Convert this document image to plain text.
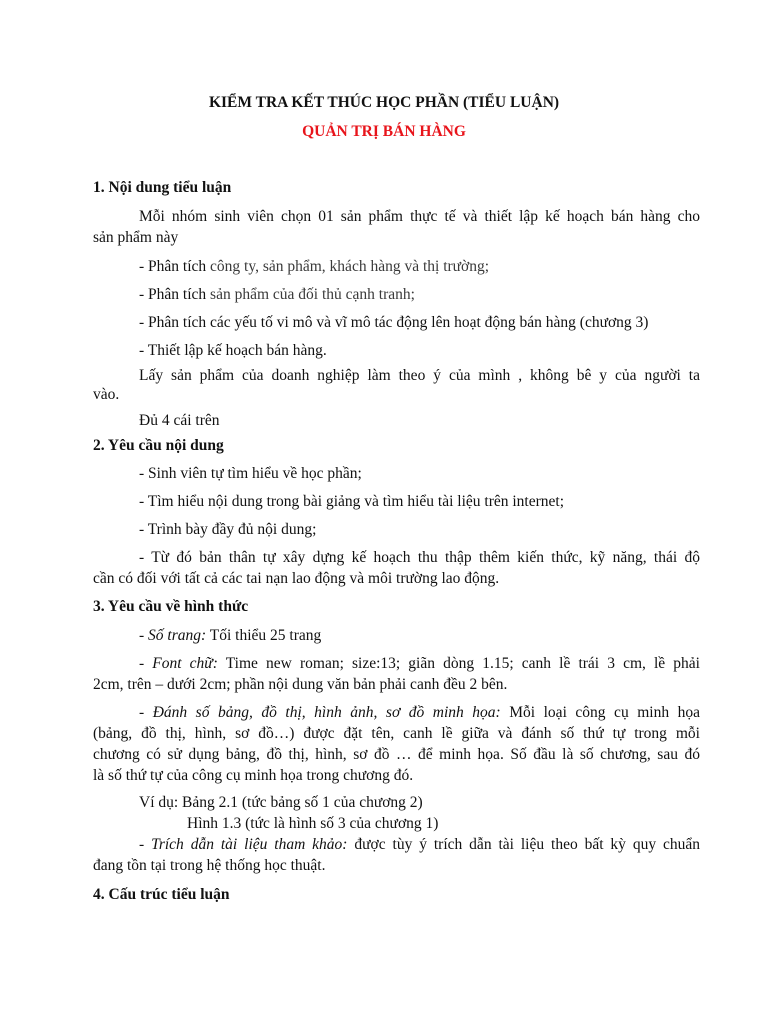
KIỂM TRA KẾT THÚC HỌC PHẦN (TIỂU LUẬN)
QUẢN TRỊ BÁN HÀNG
1. Nội dung tiểu luận
Mỗi nhóm sinh viên chọn 01 sản phẩm thực tế và thiết lập kế hoạch bán hàng cho
sản phẩm này
- Phân tích công ty, sản phẩm, khách hàng và thị trường;
- Phân tích sản phẩm của đối thủ cạnh tranh;
- Phân tích các yếu tố vi mô và vĩ mô tác động lên hoạt động bán hàng (chương 3)
- Thiết lập kế hoạch bán hàng.
Lấy sản phẩm của doanh nghiệp làm theo ý của mình , không bê y của người ta
vào.
Đủ 4 cái trên
2. Yêu cầu nội dung
- Sinh viên tự tìm hiểu về học phần;
- Tìm hiểu nội dung trong bài giảng và tìm hiểu tài liệu trên internet;
- Trình bày đầy đủ nội dung;
- Từ đó bản thân tự xây dựng kế hoạch thu thập thêm kiến thức, kỹ năng, thái độ
cần có đối với tất cả các tai nạn lao động và môi trường lao động.
3. Yêu cầu về hình thức
- Số trang: Tối thiểu 25 trang
- Font chữ: Time new roman; size:13; giãn dòng 1.15; canh lề trái 3 cm, lề phải
2cm, trên – dưới 2cm; phần nội dung văn bản phải canh đều 2 bên.
- Đánh số bảng, đồ thị, hình ảnh, sơ đồ minh họa: Mỗi loại công cụ minh họa
(bảng, đồ thị, hình, sơ đồ…) được đặt tên, canh lề giữa và đánh số thứ tự trong mỗi
chương có sử dụng bảng, đồ thị, hình, sơ đồ … để minh họa. Số đầu là số chương, sau đó
là số thứ tự của công cụ minh họa trong chương đó.
Ví dụ: Bảng 2.1 (tức bảng số 1 của chương 2)
Hình 1.3 (tức là hình số 3 của chương 1)
- Trích dẫn tài liệu tham khảo: được tùy ý trích dẫn tài liệu theo bất kỳ quy chuẩn
đang tồn tại trong hệ thống học thuật.
4. Cấu trúc tiểu luận
